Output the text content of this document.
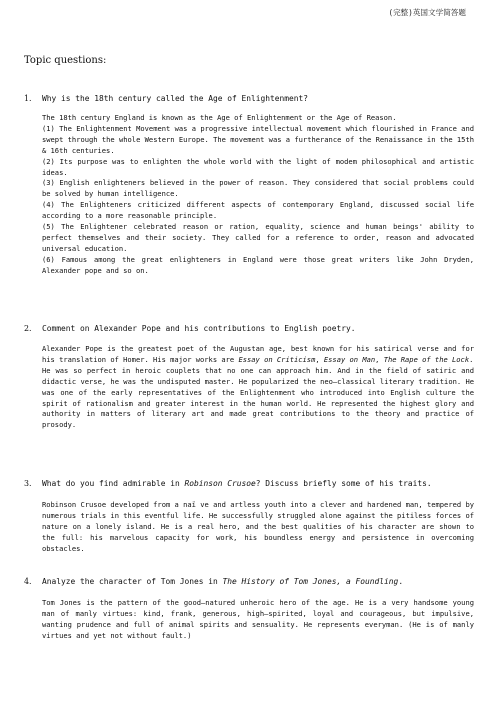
(完整)英国文学简答题
Topic questions:
1. Why is the 18th century called the Age of Enlightenment?

The 18th century England is known as the Age of Enlightenment or the Age of Reason.

(1) The Enlightenment Movement was a progressive intellectual movement which flourished in France and swept through the whole Western Europe. The movement was a furtherance of the Renaissance in the 15th & 16th centuries.

(2) Its purpose was to enlighten the whole world with the light of modem philosophical and artistic ideas.

(3) English enlighteners believed in the power of reason. They considered that social problems could be solved by human intelligence.

(4) The Enlighteners criticized different aspects of contemporary England, discussed social life according to a more reasonable principle.

(5) The Enlightener celebrated reason or ration, equality, science and human beings' ability to perfect themselves and their society. They called for a reference to order, reason and advocated universal education.

(6) Famous among the great enlighteners in England were those great writers like John Dryden, Alexander pope and so on.

2. Comment on Alexander Pope and his contributions to English poetry.

Alexander Pope is the greatest poet of the Augustan age, best known for his satirical verse and for his translation of Homer. His major works are Essay on Criticism, Essay on Man, The Rape of the Lock.

He was so perfect in heroic couplets that no one can approach him. And in the field of satiric and didactic verse, he was the undisputed master. He popularized the neo—classical literary tradition. He was one of the early representatives of the Enlightenment who introduced into English culture the spirit of rationalism and greater interest in the human world. He represented the highest glory and authority in matters of literary art and made great contributions to the theory and practice of prosody.

3. What do you find admirable in Robinson Crusoe? Discuss briefly some of his traits.

Robinson Crusoe developed from a naï ve and artless youth into a clever and hardened man, tempered by numerous trials in this eventful life. He successfully struggled alone against the pitiless forces of nature on a lonely island. He is a real hero, and the best qualities of his character are shown to the full: his marvelous capacity for work, his boundless energy and persistence in overcoming obstacles.

4. Analyze the character of Tom Jones in The History of Tom Jones, a Foundling.

Tom Jones is the pattern of the good—natured unheroic hero of the age. He is a very handsome young man of manly virtues: kind, frank, generous, high—spirited, loyal and courageous, but impulsive, wanting prudence and full of animal spirits and sensuality. He represents everyman. (He is of manly virtues and yet not without fault.)
